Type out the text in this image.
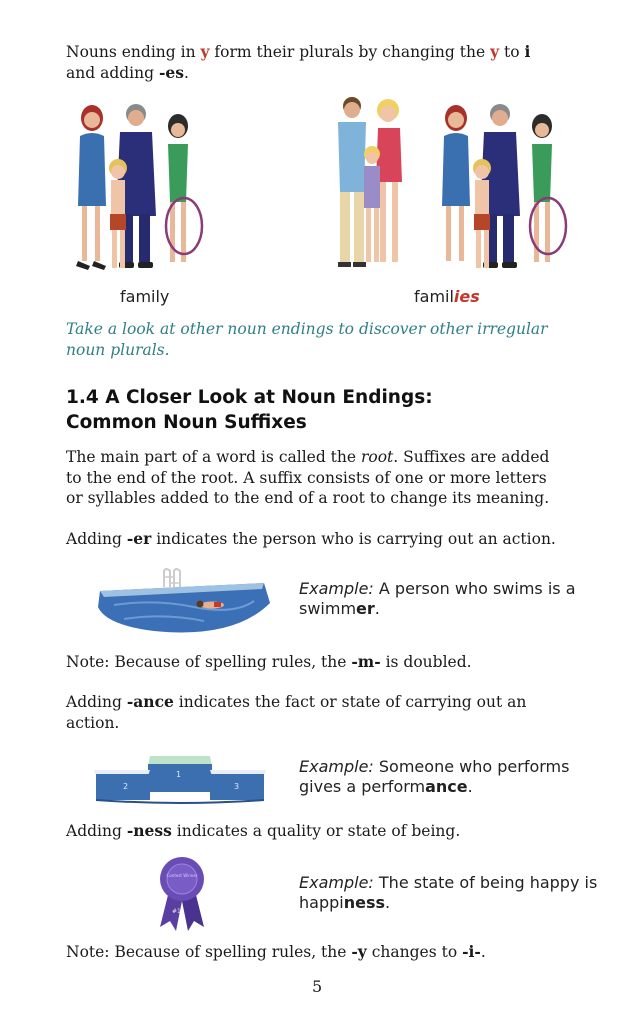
Nouns ending in y form their plurals by changing the y to i
and adding -es.
family	families
Take a look at other noun endings to discover other irregular noun plurals.
1.4 A Closer Look at Noun Endings:
Common Noun Suffixes
The main part of a word is called the root. Suffixes are added to the end of the root. A suffix consists of one or more letters or syllables added to the end of a root to change its meaning.
Adding -er indicates the person who is carrying out an action.
Example: A person who swims is a swimmer.
Note: Because of spelling rules, the -m- is doubled.
Adding -ance indicates the fact or state of carrying out an action.
1
2	3
Example: Someone who performs gives a performance.
Adding -ness indicates a quality or state of being.
Contest Winner
#1
Example: The state of being happy is happiness.
Note: Because of spelling rules, the -y changes to -i-.
5
